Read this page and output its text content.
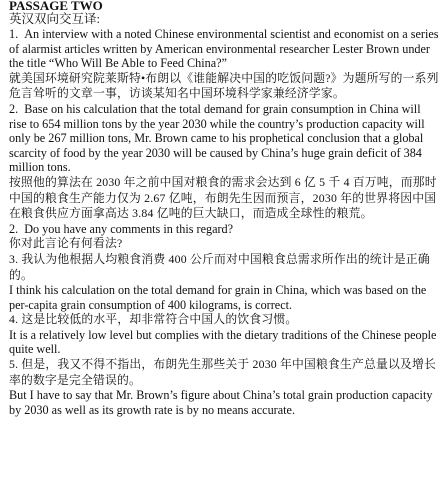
PASSAGE TWO

英汉双向交互译:

1. An interview with a noted Chinese environmental scientist and economist on a series of alarmist articles written by American environmental researcher Lester Brown under the title “Who Will Be Able to Feed China?”

就美国环境研究院莱斯特•布朗以《谁能解决中国的吃饭问题?》为题所写的一系列危言耸听的文章一事，访谈某知名中国环境科学家兼经济学家。

2. Base on his calculation that the total demand for grain consumption in China will rise to 654 million tons by the year 2030 while the country’s production capacity will only be 267 million tons, Mr. Brown came to his prophetical conclusion that a global scarcity of food by the year 2030 will be caused by China’s huge grain deficit of 384 million tons.

按照他的算法在 2030 年之前中国对粮食的需求会达到 6 亿 5 千 4 百万吨，而那时中国的粮食生产能力仅为 2.67 亿吨，布朗先生因而预言，2030 年的世界将因中国在粮食供应方面拿高达 3.84 亿吨的巨大缺口，而造成全球性的粮荒。

2. Do you have any comments in this regard?

你对此言论有何看法?

3. 我认为他根据人均粮食消费 400 公斤而对中国粮食总需求所作出的统计是正确的。

I think his calculation on the total demand for grain in China, which was based on the per-capita grain consumption of 400 kilograms, is correct.

4. 这是比较低的水平，却非常符合中国人的饮食习惯。

It is a relatively low level but complies with the dietary traditions of the Chinese people quite well.

5. 但是，我又不得不指出，布朗先生那些关于 2030 年中国粮食生产总量以及增长率的数字是完全错误的。

But I have to say that Mr. Brown’s figure about China’s total grain production capacity by 2030 as well as its growth rate is by no means accurate.
